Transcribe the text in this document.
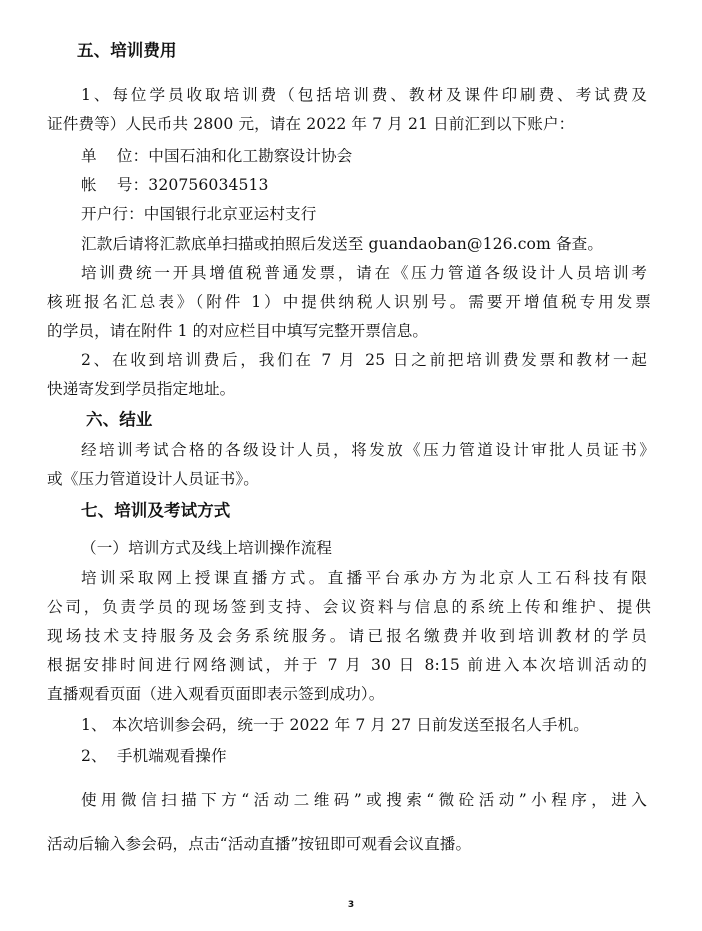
五、培训费用
1、每位学员收取培训费（包括培训费、教材及课件印刷费、考试费及
证件费等）人民币共 2800 元，请在 2022 年 7 月 21 日前汇到以下账户：
单    位：中国石油和化工勘察设计协会
帐    号：320756034513
开户行：中国银行北京亚运村支行
汇款后请将汇款底单扫描或拍照后发送至 guandaoban@126.com 备查。
培训费统一开具增值税普通发票，请在《压力管道各级设计人员培训考
核班报名汇总表》（附件 1）中提供纳税人识别号。需要开增值税专用发票
的学员，请在附件 1 的对应栏目中填写完整开票信息。
2、在收到培训费后，我们在 7 月 25 日之前把培训费发票和教材一起
快递寄发到学员指定地址。
六、结业
经培训考试合格的各级设计人员，将发放《压力管道设计审批人员证书》
或《压力管道设计人员证书》。
七、培训及考试方式
（一）培训方式及线上培训操作流程
培训采取网上授课直播方式。直播平台承办方为北京人工石科技有限
公司，负责学员的现场签到支持、会议资料与信息的系统上传和维护、提供
现场技术支持服务及会务系统服务。请已报名缴费并收到培训教材的学员
根据安排时间进行网络测试，并于 7 月 30 日 8:15 前进入本次培训活动的
直播观看页面（进入观看页面即表示签到成功）。
1、 本次培训参会码，统一于 2022 年 7 月 27 日前发送至报名人手机。
2、  手机端观看操作
使用微信扫描下方“活动二维码”或搜索“微砼活动”小程序，进入
活动后输入参会码，点击“活动直播”按钮即可观看会议直播。
3
